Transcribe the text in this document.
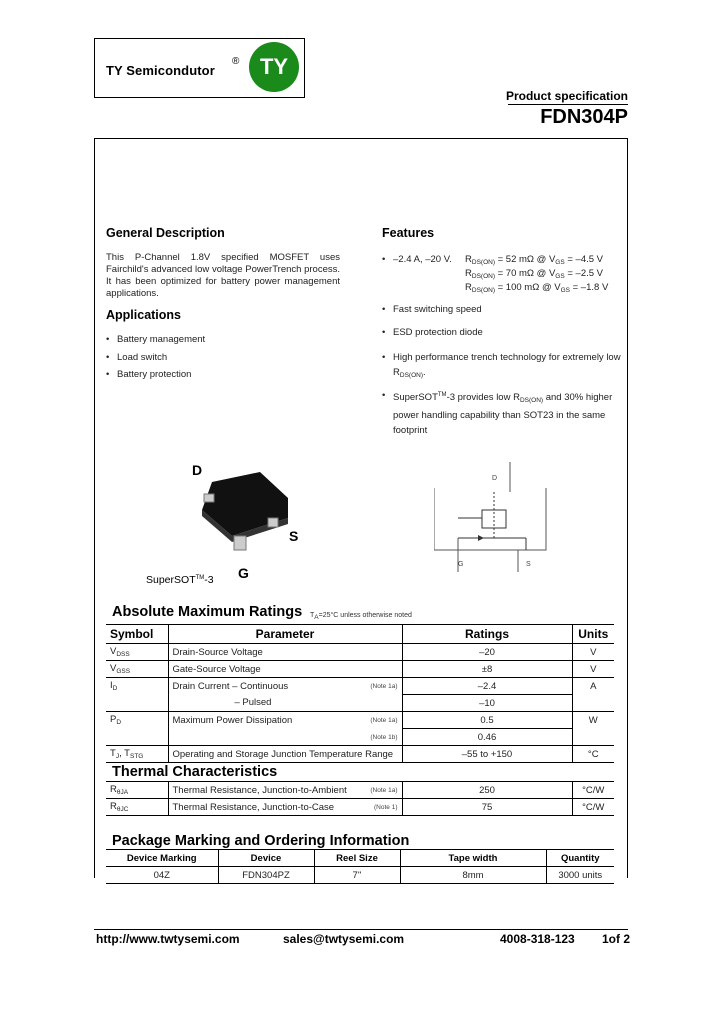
TY Semicondutor
® TY
Product specification
FDN304P
General Description
This P-Channel 1.8V specified MOSFET uses Fairchild's advanced low voltage PowerTrench process. It has been optimized for battery power management applications.
Applications
• Battery management
• Load switch
• Battery protection
Features
• –2.4 A, –20 V. $R_{DS(ON)} = 52$ mΩ @ $V_{GS} = -4.5$ V
$R_{DS(ON)} = 70$ mΩ @ $V_{GS} = -2.5$ V
$R_{DS(ON)} = 100$ mΩ @ $V_{GS} = -1.8$ V
• Fast switching speed
• ESD protection diode
• High performance trench technology for extremely low $R_{DS(ON)}$.
• SuperSOT™-3 provides low $R_{DS(ON)}$ and 30% higher power handling capability than SOT23 in the same footprint
D
S
G
SuperSOT™-3
D
G	S
Absolute Maximum Ratings TA=25°C unless otherwise noted
Symbol	Parameter	Ratings	Units
$V_{DSS}$	Drain-Source Voltage	–20	V
$V_{GSS}$	Gate-Source Voltage	±8	V
$I_D$	Drain Current – Continuous (Note 1a)	–2.4	A
	– Pulsed	–10	
$P_D$	Maximum Power Dissipation (Note 1a)	0.5	W

	(Note 1b)	0.46	
$T_J$, $T_{STG}$	Operating and Storage Junction Temperature Range	–55 to +150	°C
Thermal Characteristics
$R_{\theta JA}$	Thermal Resistance, Junction-to-Ambient (Note 1a)	250	°C/W
$R_{\theta JC}$	Thermal Resistance, Junction-to-Case (Note 1)	75	°C/W
Package Marking and Ordering Information
Device Marking	Device	Reel Size	Tape width	Quantity
04Z	FDN304PZ	7''	8mm	3000 units
http://www.twtysemi.com	sales@twtysemi.com	4008-318-123 1of 2
